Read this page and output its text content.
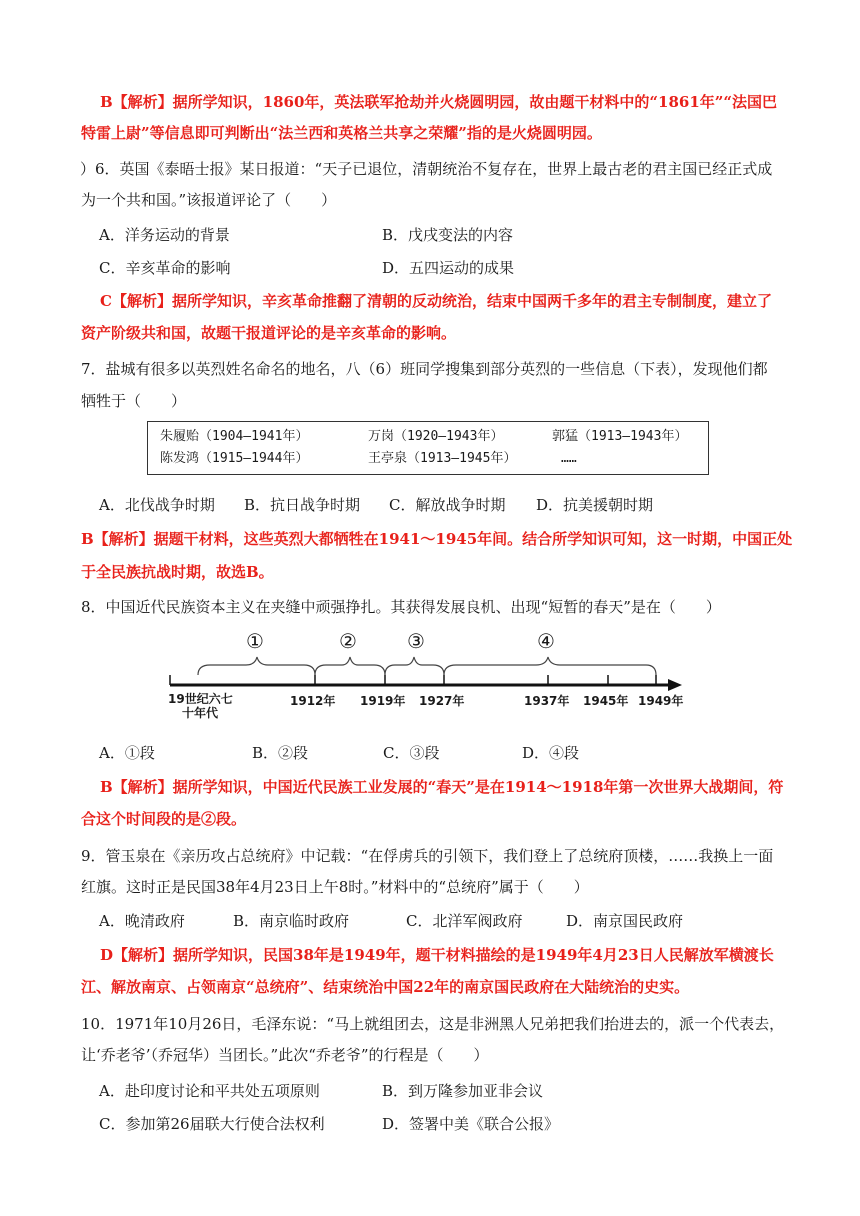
B【解析】据所学知识，1860年，英法联军抢劫并火烧圆明园，故由题干材料中的“1861年”“法国巴
特雷上尉”等信息即可判断出“法兰西和英格兰共享之荣耀”指的是火烧圆明园。
）6．英国《泰晤士报》某日报道：“天子已退位，清朝统治不复存在，世界上最古老的君主国已经正式成
为一个共和国。”该报道评论了（　　）
A．洋务运动的背景	B．戊戌变法的内容
C．辛亥革命的影响	D．五四运动的成果
C【解析】据所学知识，辛亥革命推翻了清朝的反动统治，结束中国两千多年的君主专制制度，建立了
资产阶级共和国，故题干报道评论的是辛亥革命的影响。
7．盐城有很多以英烈姓名命名的地名，八（6）班同学搜集到部分英烈的一些信息（下表），发现他们都
牺牲于（　　）
朱履贻（1904—1941年）	万岗（1920—1943年）	郭猛（1913—1943年）
陈发鸿（1915—1944年）	王亭泉（1913—1945年）	……
A．北伐战争时期 B．抗日战争时期 C．解放战争时期 D．抗美援朝时期
B【解析】据题干材料，这些英烈大都牺牲在1941～1945年间。结合所学知识可知，这一时期，中国正处
于全民族抗战时期，故选B。
8．中国近代民族资本主义在夹缝中顽强挣扎。其获得发展良机、出现“短暂的春天”是在（　　）
①	②	③	④
19世纪六七
十年代
1912年 1919年 1927年	1937年 1945年 1949年
A．①段	B．②段	C．③段	D．④段
B【解析】据所学知识，中国近代民族工业发展的“春天”是在1914～1918年第一次世界大战期间，符
合这个时间段的是②段。
9．管玉泉在《亲历攻占总统府》中记载：“在俘虏兵的引领下，我们登上了总统府顶楼，……我换上一面
红旗。这时正是民国38年4月23日上午8时。”材料中的“总统府”属于（　　）
A．晚清政府	B．南京临时政府	C．北洋军阀政府	D．南京国民政府
D【解析】据所学知识，民国38年是1949年，题干材料描绘的是1949年4月23日人民解放军横渡长
江、解放南京、占领南京“总统府”、结束统治中国22年的南京国民政府在大陆统治的史实。
10．1971年10月26日，毛泽东说：“马上就组团去，这是非洲黑人兄弟把我们抬进去的，派一个代表去，
让‘乔老爷’（乔冠华）当团长。”此次“乔老爷”的行程是（　　）
A．赴印度讨论和平共处五项原则	B．到万隆参加亚非会议
C．参加第26届联大行使合法权利	D．签署中美《联合公报》
